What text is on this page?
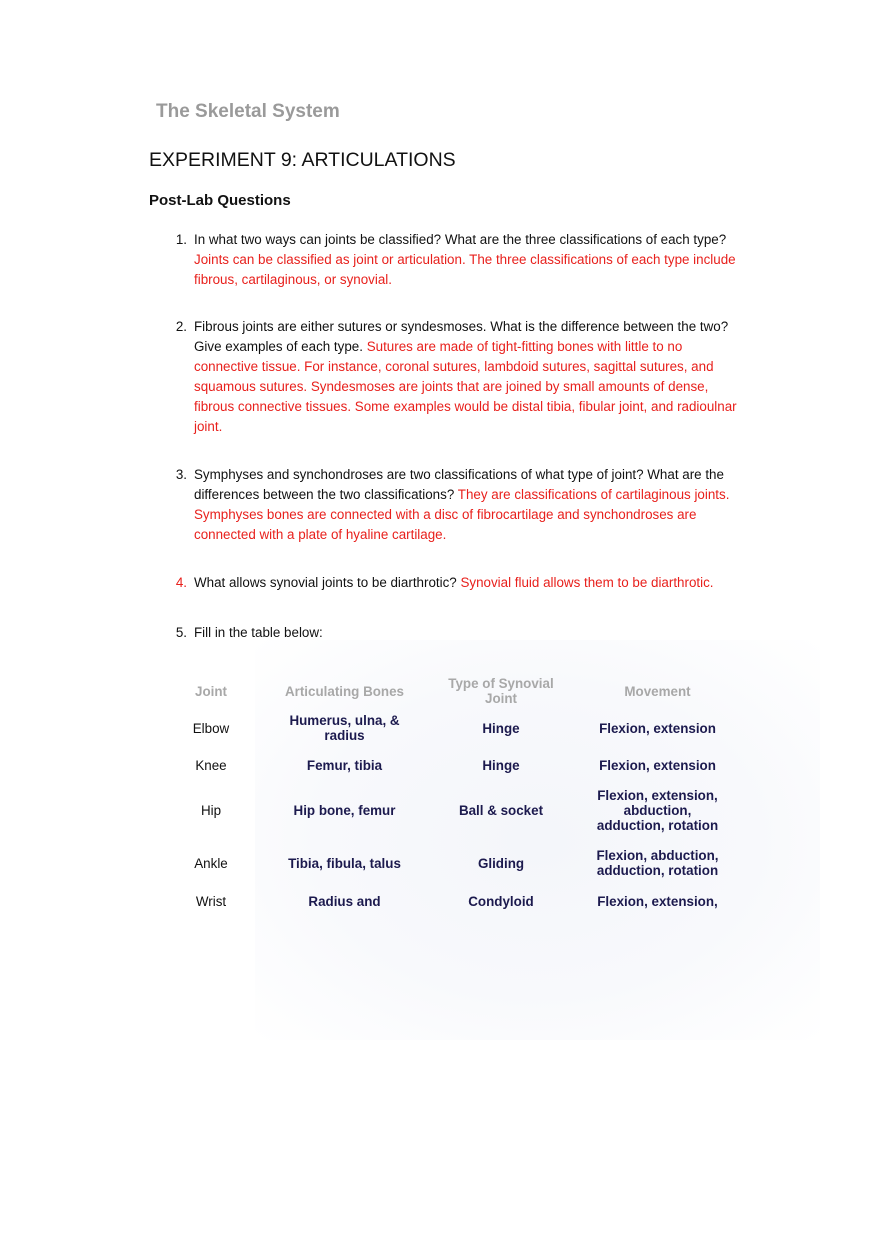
The Skeletal System
EXPERIMENT 9: ARTICULATIONS
Post-Lab Questions
1. In what two ways can joints be classified? What are the three classifications of each type? Joints can be classified as joint or articulation. The three classifications of each type include fibrous, cartilaginous, or synovial.
2. Fibrous joints are either sutures or syndesmoses. What is the difference between the two? Give examples of each type. Sutures are made of tight-fitting bones with little to no connective tissue. For instance, coronal sutures, lambdoid sutures, sagittal sutures, and squamous sutures. Syndesmoses are joints that are joined by small amounts of dense, fibrous connective tissues. Some examples would be distal tibia, fibular joint, and radioulnar joint.
3. Symphyses and synchondroses are two classifications of what type of joint? What are the differences between the two classifications? They are classifications of cartilaginous joints. Symphyses bones are connected with a disc of fibrocartilage and synchondroses are connected with a plate of hyaline cartilage.
4. What allows synovial joints to be diarthrotic? Synovial fluid allows them to be diarthrotic.
5. Fill in the table below:
Joint	Articulating Bones	Type of Synovial Joint	Movement
Elbow	Humerus, ulna, & radius	Hinge	Flexion, extension
Knee	Femur, tibia	Hinge	Flexion, extension
Hip	Hip bone, femur	Ball & socket	Flexion, extension, abduction, adduction, rotation

Ankle	Tibia, fibula, talus	Gliding	Flexion, abduction, adduction, rotation

Wrist	Radius and	Condyloid	Flexion, extension,
